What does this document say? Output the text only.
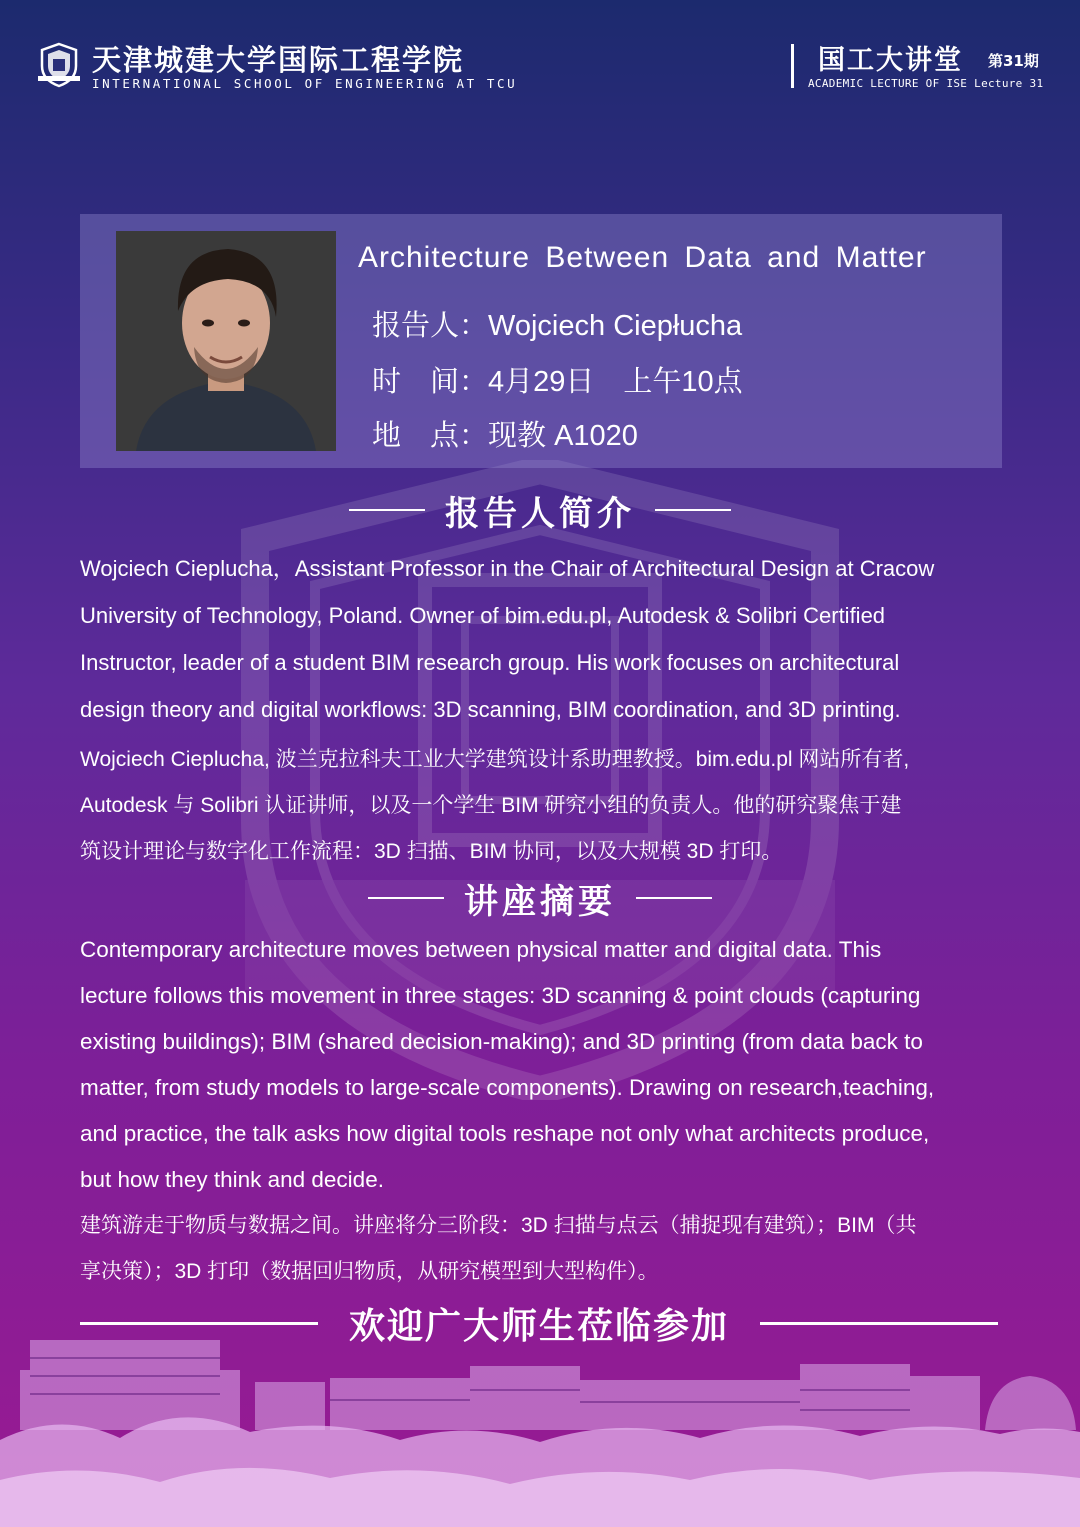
天津城建大学国际工程学院
INTERNATIONAL SCHOOL OF ENGINEERING AT TCU
国工大讲堂 第31期
ACADEMIC LECTURE OF ISE Lecture 31
Architecture Between Data and Matter
报告人：Wojciech Ciepłucha
时　间：4月29日　上午10点
地　点：现教 A1020
报告人简介
Wojciech Cieplucha，Assistant Professor in the Chair of Architectural Design at Cracow
University of Technology, Poland. Owner of bim.edu.pl, Autodesk & Solibri Certified
Instructor, leader of a student BIM research group. His work focuses on architectural
design theory and digital workflows: 3D scanning, BIM coordination, and 3D printing.
Wojciech Cieplucha, 波兰克拉科夫工业大学建筑设计系助理教授。bim.edu.pl 网站所有者,
Autodesk 与 Solibri 认证讲师，以及一个学生 BIM 研究小组的负责人。他的研究聚焦于建
筑设计理论与数字化工作流程：3D 扫描、BIM 协同，以及大规模 3D 打印。
讲座摘要
Contemporary architecture moves between physical matter and digital data. This
lecture follows this movement in three stages: 3D scanning & point clouds (capturing
existing buildings); BIM (shared decision-making); and 3D printing (from data back to
matter, from study models to large-scale components). Drawing on research,teaching,
and practice, the talk asks how digital tools reshape not only what architects produce,
but how they think and decide.
建筑游走于物质与数据之间。讲座将分三阶段：3D 扫描与点云（捕捉现有建筑）；BIM（共
享决策）；3D 打印（数据回归物质，从研究模型到大型构件）。
欢迎广大师生莅临参加
